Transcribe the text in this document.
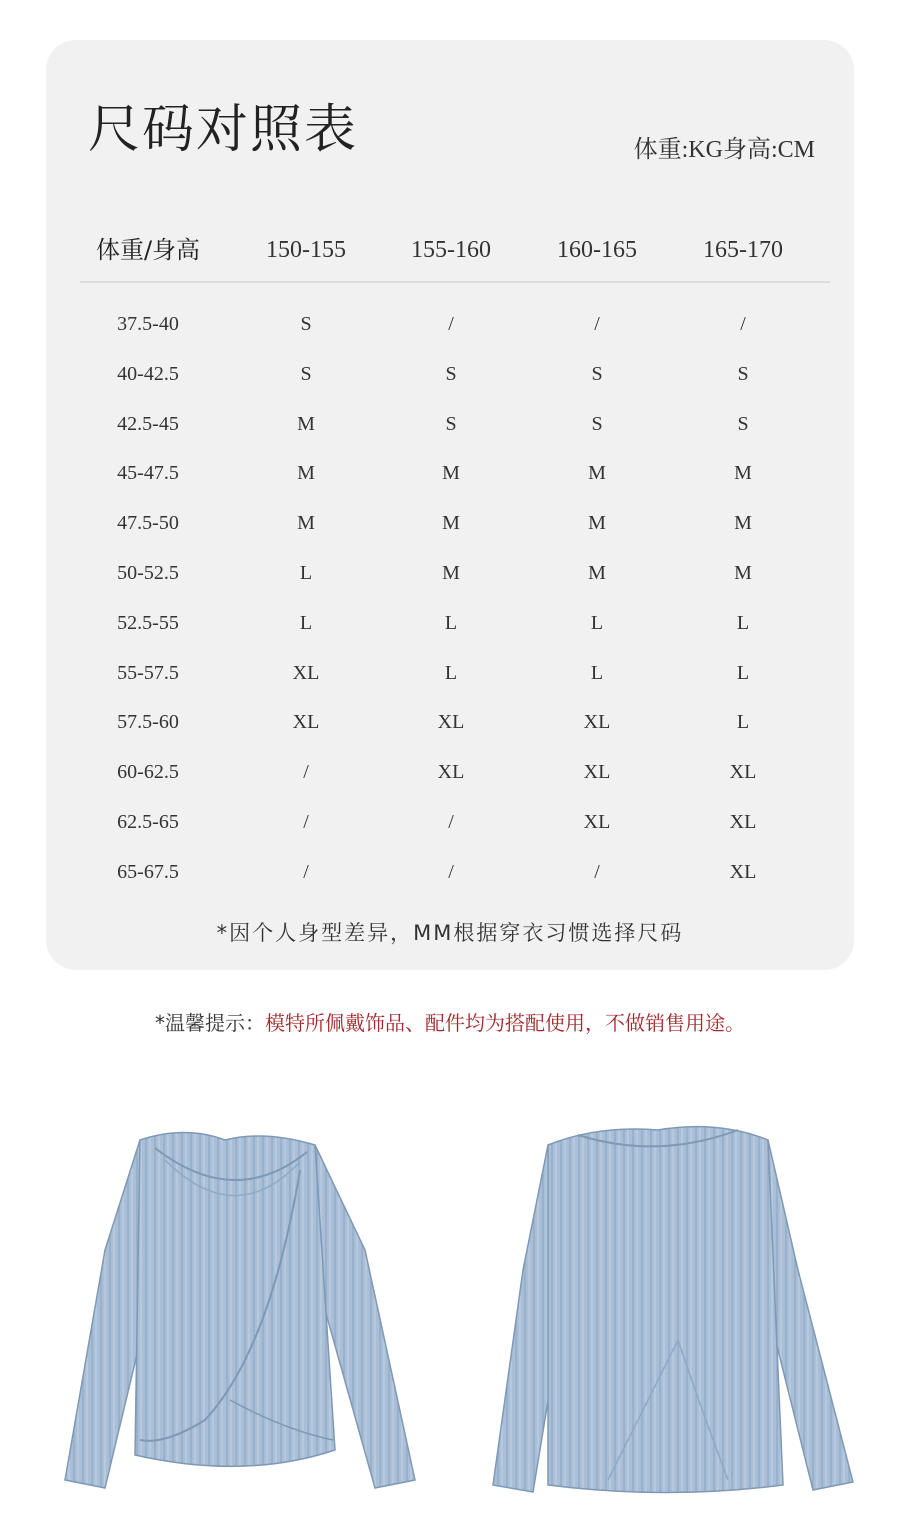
尺码对照表	体重:KG身高:CM
体重/身高	150-155	155-160	160-165	165-170
37.5-40	S	/	/	/
40-42.5	S	S	S	S
42.5-45	M	S	S	S
45-47.5	M	M	M	M
47.5-50	M	M	M	M
50-52.5	L	M	M	M
52.5-55	L	L	L	L
55-57.5	XL	L	L	L
57.5-60	XL	XL	XL	L
60-62.5	/	XL	XL	XL
62.5-65	/	/	XL	XL
65-67.5	/	/	/	XL
*因个人身型差异，MM根据穿衣习惯选择尺码
*温馨提示：模特所佩戴饰品、配件均为搭配使用，不做销售用途。
